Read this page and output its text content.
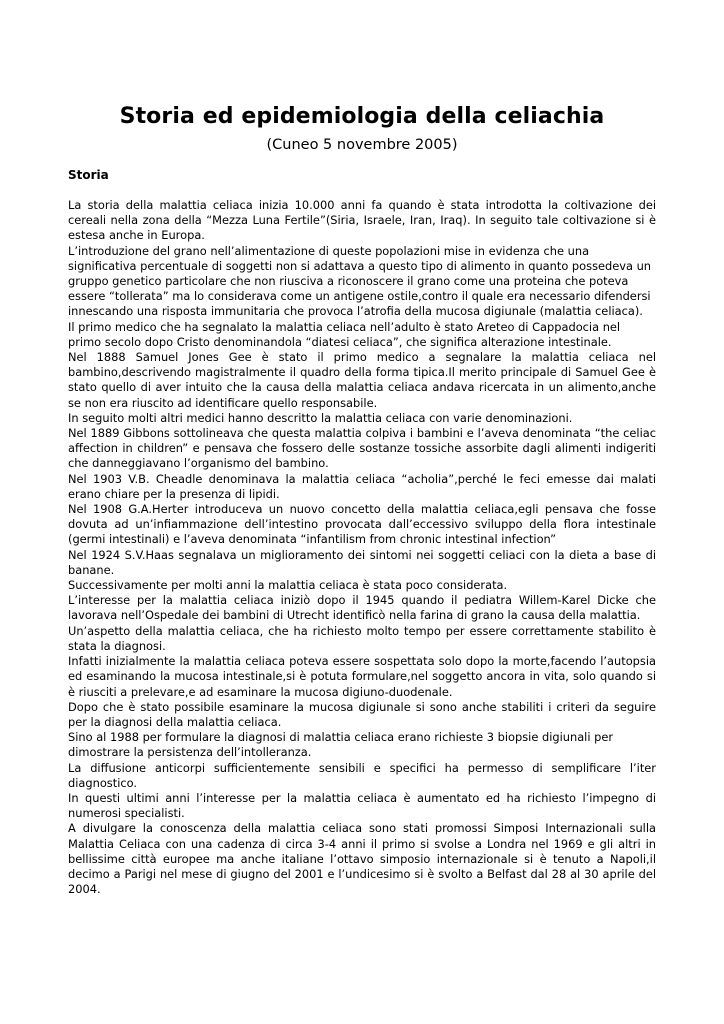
Storia ed epidemiologia della celiachia
(Cuneo 5 novembre 2005)
Storia

La storia della malattia celiaca inizia 10.000 anni fa quando è stata introdotta la coltivazione dei cereali nella zona della “Mezza Luna Fertile”(Siria, Israele, Iran, Iraq). In seguito tale coltivazione si è estesa anche in Europa.

L’introduzione del grano nell’alimentazione di queste popolazioni mise in evidenza che una significativa percentuale di soggetti non si adattava a questo tipo di alimento in quanto possedeva un gruppo genetico particolare che non riusciva a riconoscere il grano come una proteina che poteva essere “tollerata” ma lo considerava come un antigene ostile,contro il quale era necessario difendersi innescando una risposta immunitaria che provoca l’atrofia della mucosa digiunale (malattia celiaca).

Il primo medico che ha segnalato la malattia celiaca nell’adulto è stato Areteo di Cappadocia nel primo secolo dopo Cristo denominandola “diatesi celiaca”, che significa alterazione intestinale.

Nel 1888 Samuel Jones Gee è stato il primo medico a segnalare la malattia celiaca nel bambino,descrivendo magistralmente il quadro della forma tipica.Il merito principale di Samuel Gee è stato quello di aver intuito che la causa della malattia celiaca andava ricercata in un alimento,anche se non era riuscito ad identificare quello responsabile.

In seguito molti altri medici hanno descritto la malattia celiaca con varie denominazioni.

Nel 1889 Gibbons sottolineava che questa malattia colpiva i bambini e l’aveva denominata “the celiac affection in children” e pensava che fossero delle sostanze tossiche assorbite dagli alimenti indigeriti che danneggiavano l’organismo del bambino.

Nel 1903 V.B. Cheadle denominava la malattia celiaca “acholia”,perché le feci emesse dai malati erano chiare per la presenza di lipidi.

Nel 1908 G.A.Herter introduceva un nuovo concetto della malattia celiaca,egli pensava che fosse dovuta ad un’infiammazione dell’intestino provocata dall’eccessivo sviluppo della flora intestinale (germi intestinali) e l’aveva denominata “infantilism from chronic intestinal infection”

Nel 1924 S.V.Haas segnalava un miglioramento dei sintomi nei soggetti celiaci con la dieta a base di banane.

Successivamente per molti anni la malattia celiaca è stata poco considerata.

L’interesse per la malattia celiaca iniziò dopo il 1945 quando il pediatra Willem-Karel Dicke che lavorava nell’Ospedale dei bambini di Utrecht identificò nella farina di grano la causa della malattia.

Un’aspetto della malattia celiaca, che ha richiesto molto tempo per essere correttamente stabilito è stata la diagnosi.

Infatti inizialmente la malattia celiaca poteva essere sospettata solo dopo la morte,facendo l’autopsia ed esaminando la mucosa intestinale,si è potuta formulare,nel soggetto ancora in vita, solo quando si è riusciti a prelevare,e ad esaminare la mucosa digiuno-duodenale.

Dopo che è stato possibile esaminare la mucosa digiunale si sono anche stabiliti i criteri da seguire per la diagnosi della malattia celiaca.

Sino al 1988 per formulare la diagnosi di malattia celiaca erano richieste 3 biopsie digiunali per dimostrare la persistenza dell’intolleranza.

La diffusione anticorpi sufficientemente sensibili e specifici ha permesso di semplificare l’iter diagnostico.

In questi ultimi anni l’interesse per la malattia celiaca è aumentato ed ha richiesto l’impegno di numerosi specialisti.

A divulgare la conoscenza della malattia celiaca sono stati promossi Simposi Internazionali sulla Malattia Celiaca con una cadenza di circa 3-4 anni il primo si svolse a Londra nel 1969 e gli altri in bellissime città europee ma anche italiane l’ottavo simposio internazionale si è tenuto a Napoli,il decimo a Parigi nel mese di giugno del 2001 e l’undicesimo si è svolto a Belfast dal 28 al 30 aprile del 2004.
